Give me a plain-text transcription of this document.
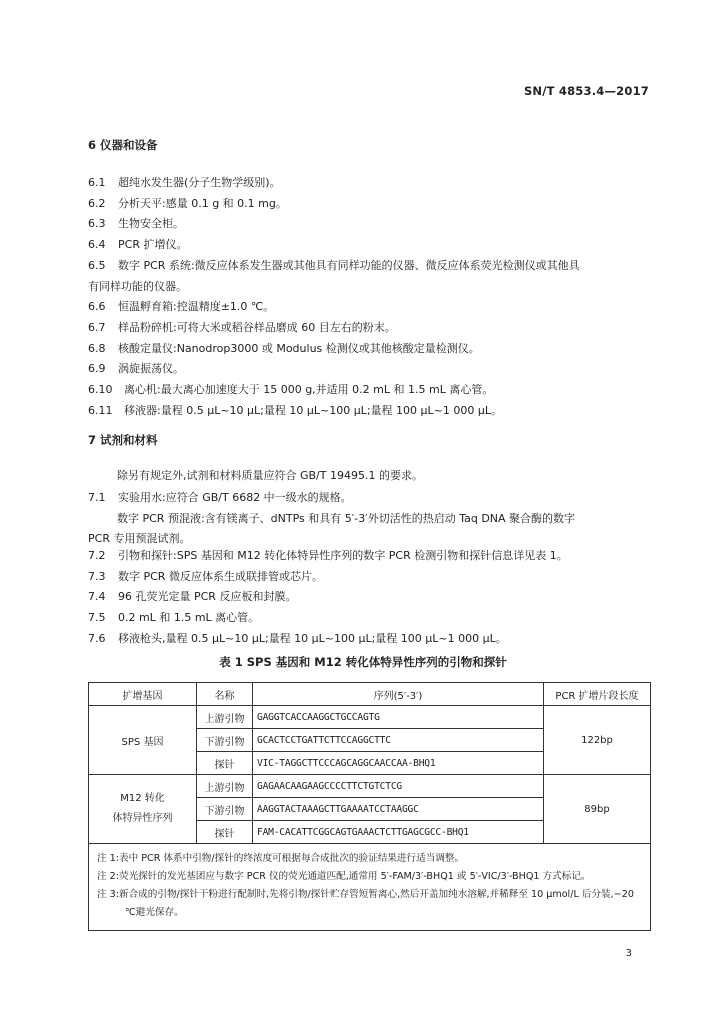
SN/T 4853.4—2017
6 仪器和设备
6.1 超纯水发生器(分子生物学级别)。
6.2 分析天平:感量 0.1 g 和 0.1 mg。
6.3 生物安全柜。
6.4 PCR 扩增仪。
6.5 数字 PCR 系统:微反应体系发生器或其他具有同样功能的仪器、微反应体系荧光检测仪或其他具
有同样功能的仪器。
6.6 恒温孵育箱:控温精度±1.0 ℃。
6.7 样品粉碎机:可将大米或稻谷样品磨成 60 目左右的粉末。
6.8 核酸定量仪:Nanodrop3000 或 Modulus 检测仪或其他核酸定量检测仪。
6.9 涡旋振荡仪。
6.10 离心机:最大离心加速度大于 15 000 g,并适用 0.2 mL 和 1.5 mL 离心管。
6.11 移液器:量程 0.5 μL~10 μL;量程 10 μL~100 μL;量程 100 μL~1 000 μL。
7 试剂和材料
除另有规定外,试剂和材料质量应符合 GB/T 19495.1 的要求。
7.1 实验用水:应符合 GB/T 6682 中一级水的规格。
数字 PCR 预混液:含有镁离子、dNTPs 和具有 5′-3′外切活性的热启动 Taq DNA 聚合酶的数字
PCR 专用预混试剂。
7.2 引物和探针:SPS 基因和 M12 转化体特异性序列的数字 PCR 检测引物和探针信息详见表 1。
7.3 数字 PCR 微反应体系生成联排管或芯片。
7.4 96 孔荧光定量 PCR 反应板和封膜。
7.5 0.2 mL 和 1.5 mL 离心管。
7.6 移液枪头,量程 0.5 μL~10 μL;量程 10 μL~100 μL;量程 100 μL~1 000 μL。
表 1 SPS 基因和 M12 转化体特异性序列的引物和探针
扩增基因	名称	序列(5′-3′)	PCR 扩增片段长度
SPS 基因	上游引物	GAGGTCACCAAGGCTGCCAGTG	122bp
	下游引物	GCACTCCTGATTCTTCCAGGCTTC	
	探针	VIC-TAGGCTTCCCAGCAGGCAACCAA-BHQ1	
M12 转化
体特异性序列	上游引物	GAGAACAAGAAGCCCCTTCTGTCTCG	89bp
	下游引物	AAGGTACTAAAGCTTGAAAATCCTAAGGC	
	探针	FAM-CACATTCGGCAGTGAAACTCTTGAGCGCC-BHQ1	

注 1:表中 PCR 体系中引物/探针的终浓度可根据每合成批次的验证结果进行适当调整。
注 2:荧光探针的发光基团应与数字 PCR 仪的荧光通道匹配,通常用 5′-FAM/3′-BHQ1 或 5′-VIC/3′-BHQ1 方式标记。
注 3:新合成的引物/探针干粉进行配制时,先将引物/探针贮存管短暂离心,然后开盖加纯水溶解,并稀释至 10 μmol/L 后分装,−20 ℃避光保存。			
3
